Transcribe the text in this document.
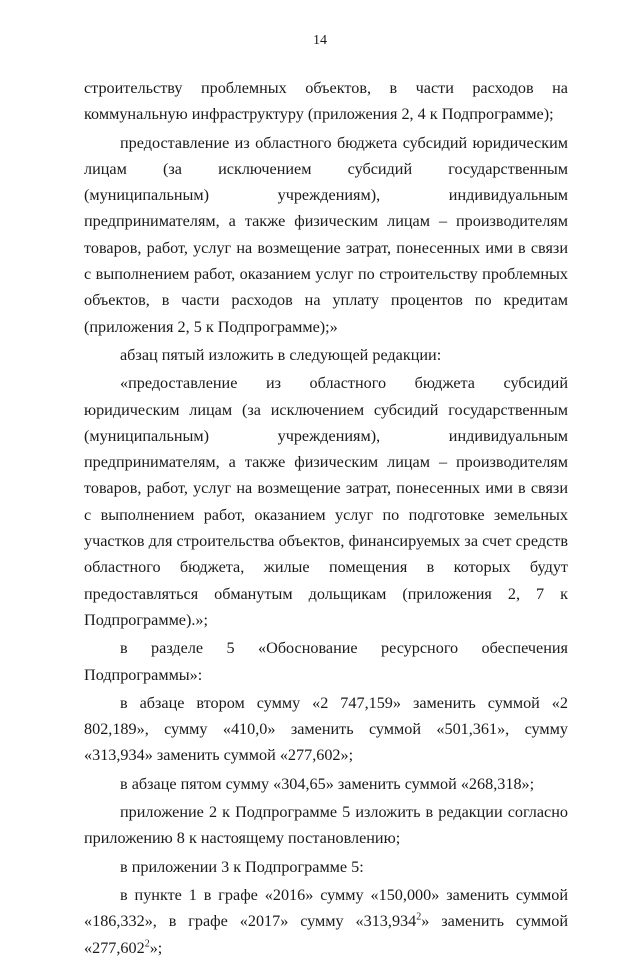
14

строительству проблемных объектов, в части расходов на коммунальную инфраструктуру (приложения 2, 4 к Подпрограмме);

предоставление из областного бюджета субсидий юридическим лицам (за исключением субсидий государственным (муниципальным) учреждениям), индивидуальным предпринимателям, а также физическим лицам – производителям товаров, работ, услуг на возмещение затрат, понесенных ими в связи с выполнением работ, оказанием услуг по строительству проблемных объектов, в части расходов на уплату процентов по кредитам (приложения 2, 5 к Подпрограмме);»

абзац пятый изложить в следующей редакции:

«предоставление из областного бюджета субсидий юридическим лицам (за исключением субсидий государственным (муниципальным) учреждениям), индивидуальным предпринимателям, а также физическим лицам – производителям товаров, работ, услуг на возмещение затрат, понесенных ими в связи с выполнением работ, оказанием услуг по подготовке земельных участков для строительства объектов, финансируемых за счет средств областного бюджета, жилые помещения в которых будут предоставляться обманутым дольщикам (приложения 2, 7 к Подпрограмме).»;

в разделе 5 «Обоснование ресурсного обеспечения Подпрограммы»:

в абзаце втором сумму «2 747,159» заменить суммой «2 802,189», сумму «410,0» заменить суммой «501,361», сумму «313,934» заменить суммой «277,602»;

в абзаце пятом сумму «304,65» заменить суммой «268,318»;

приложение 2 к Подпрограмме 5 изложить в редакции согласно приложению 8 к настоящему постановлению;

в приложении 3 к Подпрограмме 5:

в пункте 1 в графе «2016» сумму «150,000» заменить суммой «186,332», в графе «2017» сумму «313,934$^2$» заменить суммой «277,602$^2$»;
